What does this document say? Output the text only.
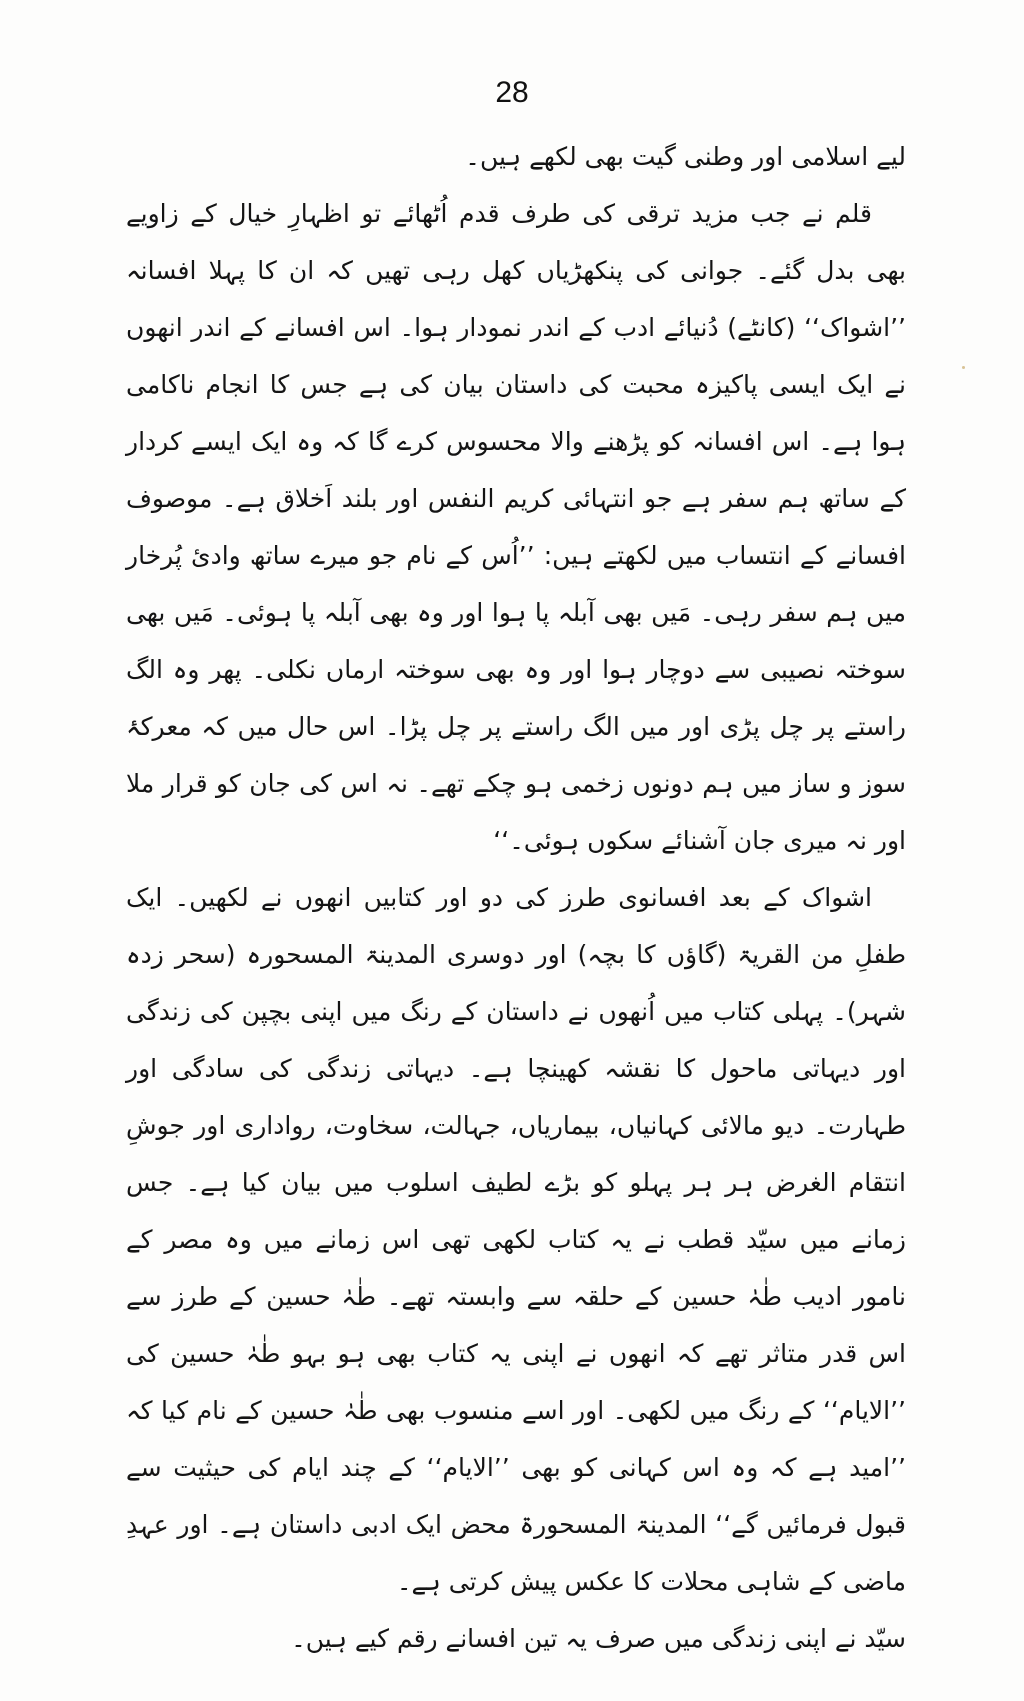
28

لیے اسلامی اور وطنی گیت بھی لکھے ہیں۔

قلم نے جب مزید ترقی کی طرف قدم اُٹھائے تو اظہارِ خیال کے زاویے بھی بدل گئے۔ جوانی کی پنکھڑیاں کھل رہی تھیں کہ ان کا پہلا افسانہ ’’اشواک‘‘ (کانٹے) دُنیائے ادب کے اندر نمودار ہوا۔ اس افسانے کے اندر انھوں نے ایک ایسی پاکیزہ محبت کی داستان بیان کی ہے جس کا انجام ناکامی ہوا ہے۔ اس افسانہ کو پڑھنے والا محسوس کرے گا کہ وہ ایک ایسے کردار کے ساتھ ہم سفر ہے جو انتہائی کریم النفس اور بلند اَخلاق ہے۔ موصوف افسانے کے انتساب میں لکھتے ہیں: ’’اُس کے نام جو میرے ساتھ وادیٔ پُرخار میں ہم سفر رہی۔ مَیں بھی آبلہ پا ہوا اور وہ بھی آبلہ پا ہوئی۔ مَیں بھی سوختہ نصیبی سے دوچار ہوا اور وہ بھی سوختہ ارماں نکلی۔ پھر وہ الگ راستے پر چل پڑی اور میں الگ راستے پر چل پڑا۔ اس حال میں کہ معرکۂ سوز و ساز میں ہم دونوں زخمی ہو چکے تھے۔ نہ اس کی جان کو قرار ملا اور نہ میری جان آشنائے سکوں ہوئی۔‘‘

اشواک کے بعد افسانوی طرز کی دو اور کتابیں انھوں نے لکھیں۔ ایک طفلِ من القریۃ (گاؤں کا بچہ) اور دوسری المدینۃ المسحورہ (سحر زدہ شہر)۔ پہلی کتاب میں اُنھوں نے داستان کے رنگ میں اپنی بچپن کی زندگی اور دیہاتی ماحول کا نقشہ کھینچا ہے۔ دیہاتی زندگی کی سادگی اور طہارت۔ دیو مالائی کہانیاں، بیماریاں، جہالت، سخاوت، رواداری اور جوشِ انتقام الغرض ہر ہر پہلو کو بڑے لطیف اسلوب میں بیان کیا ہے۔ جس زمانے میں سیّد قطب نے یہ کتاب لکھی تھی اس زمانے میں وہ مصر کے نامور ادیب طٰہٰ حسین کے حلقہ سے وابستہ تھے۔ طٰہٰ حسین کے طرز سے اس قدر متاثر تھے کہ انھوں نے اپنی یہ کتاب بھی ہو بہو طٰہٰ حسین کی ’’الایام‘‘ کے رنگ میں لکھی۔ اور اسے منسوب بھی طٰہٰ حسین کے نام کیا کہ ’’امید ہے کہ وہ اس کہانی کو بھی ’’الایام‘‘ کے چند ایام کی حیثیت سے قبول فرمائیں گے‘‘ المدینۃ المسحورۃ محض ایک ادبی داستان ہے۔ اور عہدِ ماضی کے شاہی محلات کا عکس پیش کرتی ہے۔

سیّد نے اپنی زندگی میں صرف یہ تین افسانے رقم کیے ہیں۔
